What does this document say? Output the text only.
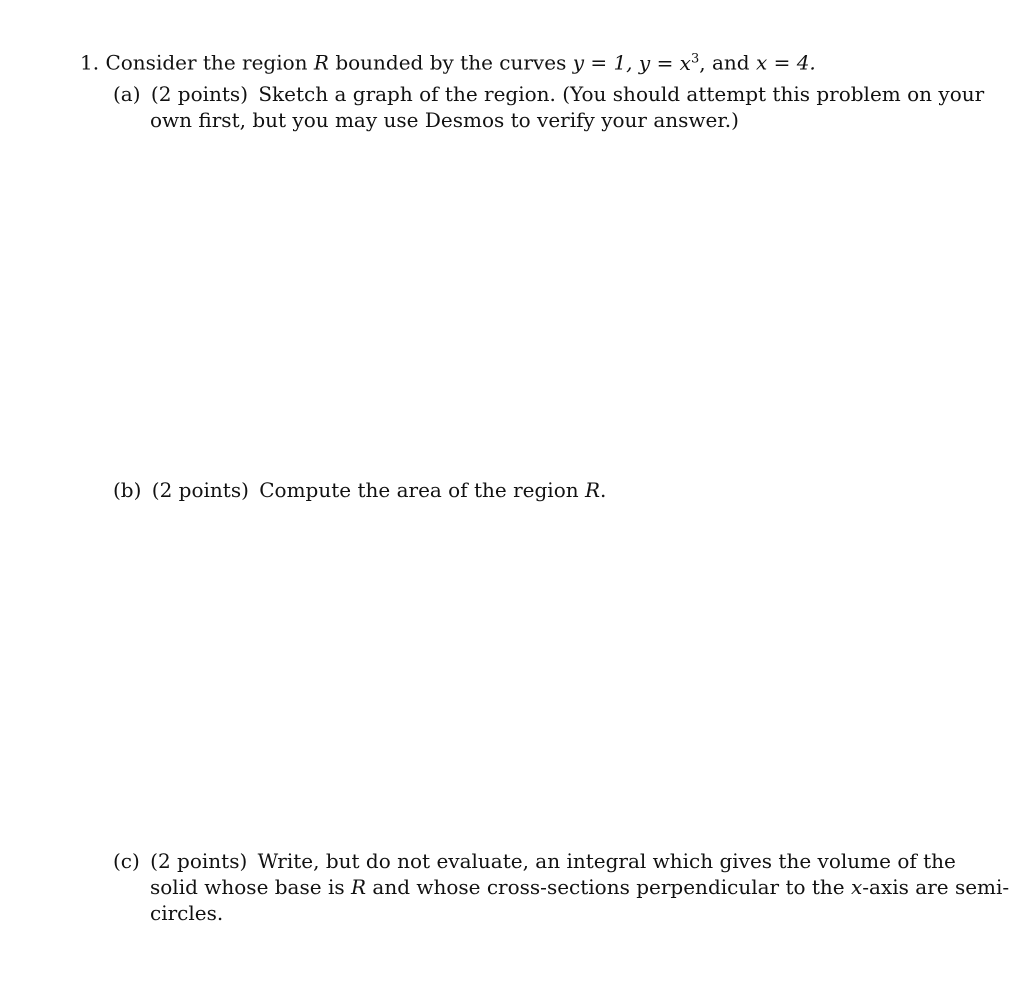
1. Consider the region R bounded by the curves y = 1, $y = x^3$, and x = 4.
(a) (2 points) Sketch a graph of the region. (You should attempt this problem on your
own first, but you may use Desmos to verify your answer.)
(b) (2 points) Compute the area of the region R.
(c) (2 points) Write, but do not evaluate, an integral which gives the volume of the
solid whose base is R and whose cross-sections perpendicular to the x-axis are semi-
circles.
